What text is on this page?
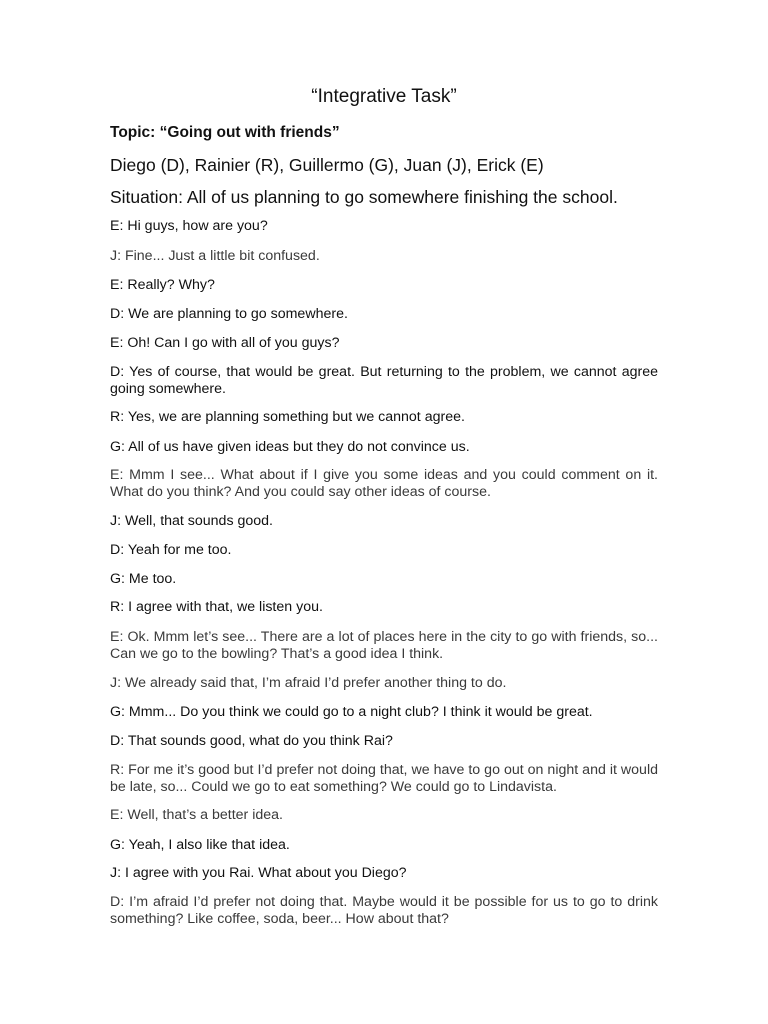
“Integrative Task”
Topic: “Going out with friends”
Diego (D), Rainier (R), Guillermo (G), Juan (J), Erick (E)
Situation: All of us planning to go somewhere finishing the school.
E: Hi guys, how are you?
J: Fine... Just a little bit confused.
E: Really? Why?
D: We are planning to go somewhere.
E: Oh! Can I go with all of you guys?
D: Yes of course, that would be great. But returning to the problem, we cannot agree going somewhere.
R: Yes, we are planning something but we cannot agree.
G: All of us have given ideas but they do not convince us.
E: Mmm I see... What about if I give you some ideas and you could comment on it. What do you think? And you could say other ideas of course.
J: Well, that sounds good.
D: Yeah for me too.
G: Me too.
R: I agree with that, we listen you.
E: Ok. Mmm let’s see... There are a lot of places here in the city to go with friends, so... Can we go to the bowling? That’s a good idea I think.
J: We already said that, I’m afraid I’d prefer another thing to do.
G: Mmm... Do you think we could go to a night club? I think it would be great.
D: That sounds good, what do you think Rai?
R: For me it’s good but I’d prefer not doing that, we have to go out on night and it would be late, so... Could we go to eat something? We could go to Lindavista.
E: Well, that’s a better idea.
G: Yeah, I also like that idea.
J: I agree with you Rai. What about you Diego?
D: I’m afraid I’d prefer not doing that. Maybe would it be possible for us to go to drink something? Like coffee, soda, beer... How about that?
